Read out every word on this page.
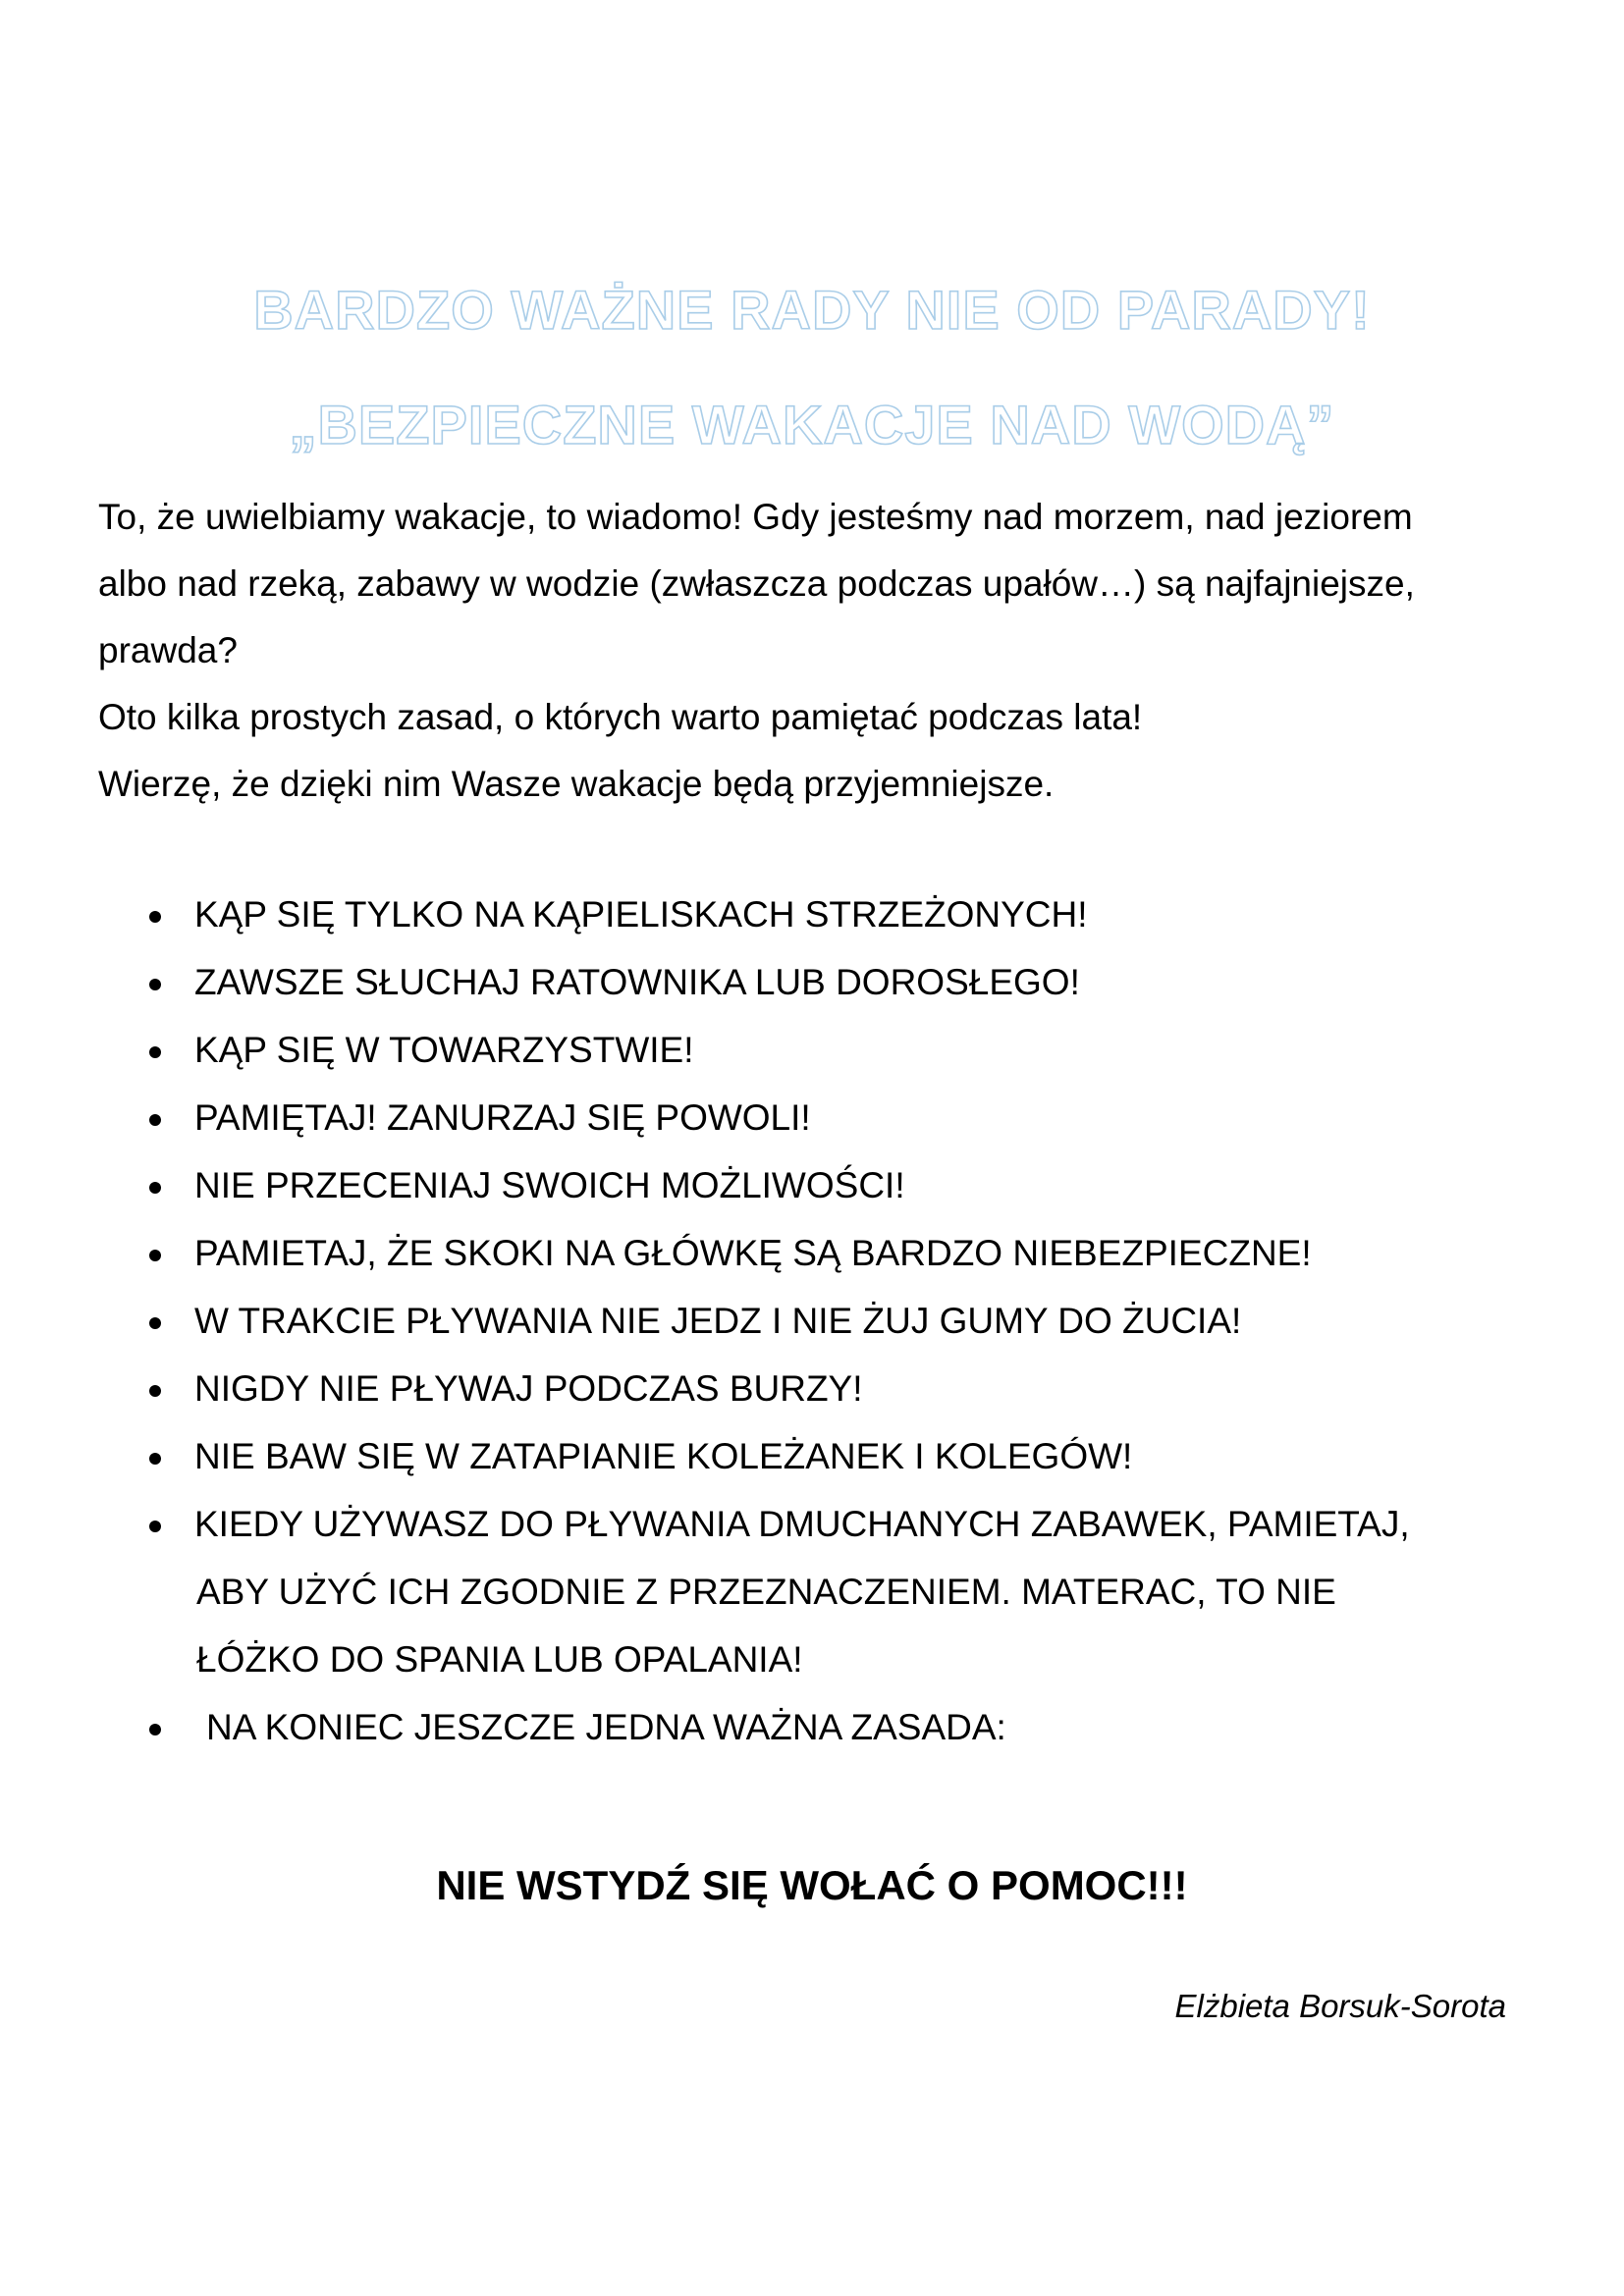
BARDZO WAŻNE RADY NIE OD PARADY!
„BEZPIECZNE WAKACJE NAD WODĄ”

To, że uwielbiamy wakacje, to wiadomo! Gdy jesteśmy nad morzem, nad jeziorem

albo nad rzeką, zabawy w wodzie (zwłaszcza podczas upałów…) są najfajniejsze,

prawda?

Oto kilka prostych zasad, o których warto pamiętać podczas lata!

Wierzę, że dzięki nim Wasze wakacje będą przyjemniejsze.

KĄP SIĘ TYLKO NA KĄPIELISKACH STRZEŻONYCH!
ZAWSZE SŁUCHAJ RATOWNIKA LUB DOROSŁEGO!
KĄP SIĘ W TOWARZYSTWIE!
PAMIĘTAJ! ZANURZAJ SIĘ POWOLI!
NIE PRZECENIAJ SWOICH MOŻLIWOŚCI!
PAMIETAJ, ŻE SKOKI NA GŁÓWKĘ SĄ BARDZO NIEBEZPIECZNE!
W TRAKCIE PŁYWANIA NIE JEDZ I NIE ŻUJ GUMY DO ŻUCIA!
NIGDY NIE PŁYWAJ PODCZAS BURZY!
NIE BAW SIĘ W ZATAPIANIE KOLEŻANEK I KOLEGÓW!
KIEDY UŻYWASZ DO PŁYWANIA DMUCHANYCH ZABAWEK, PAMIETAJ,
ABY UŻYĆ ICH ZGODNIE Z PRZEZNACZENIEM. MATERAC, TO NIE
ŁÓŻKO DO SPANIA LUB OPALANIA!
NA KONIEC JESZCZE JEDNA WAŻNA ZASADA:
NIE WSTYDŹ SIĘ WOŁAĆ O POMOC!!!
Elżbieta Borsuk-Sorota
